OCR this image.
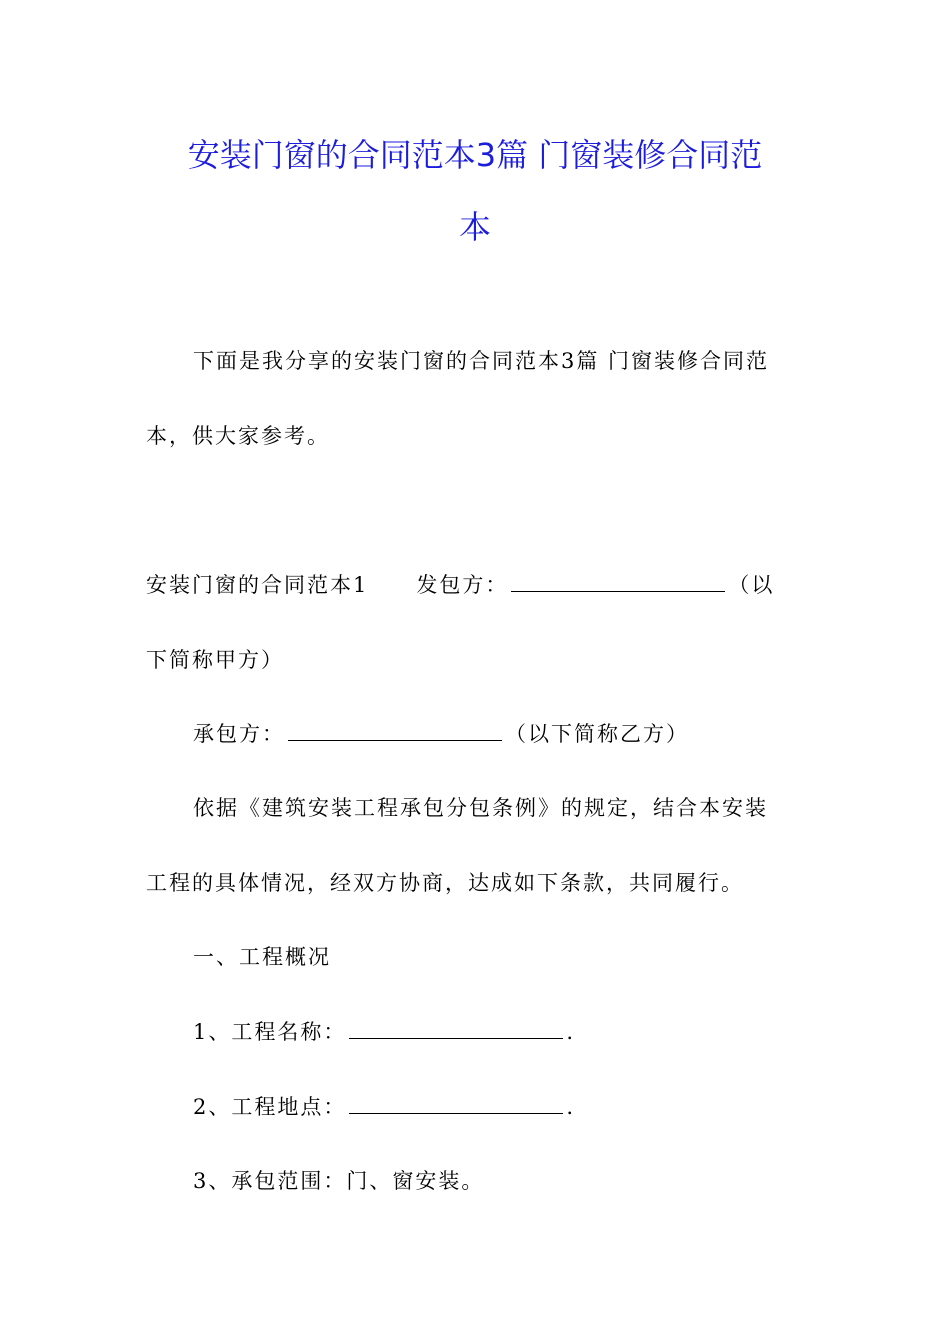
安装门窗的合同范本3篇 门窗装修合同范
本
下面是我分享的安装门窗的合同范本3篇 门窗装修合同范
本，供大家参考。
安装门窗的合同范本1 发包方：	（以
下简称甲方）
承包方：	（以下简称乙方）
依据《建筑安装工程承包分包条例》的规定，结合本安装
工程的具体情况，经双方协商，达成如下条款，共同履行。
一、工程概况
1、工程名称：	.
2、工程地点：	.
3、承包范围：门、窗安装。
